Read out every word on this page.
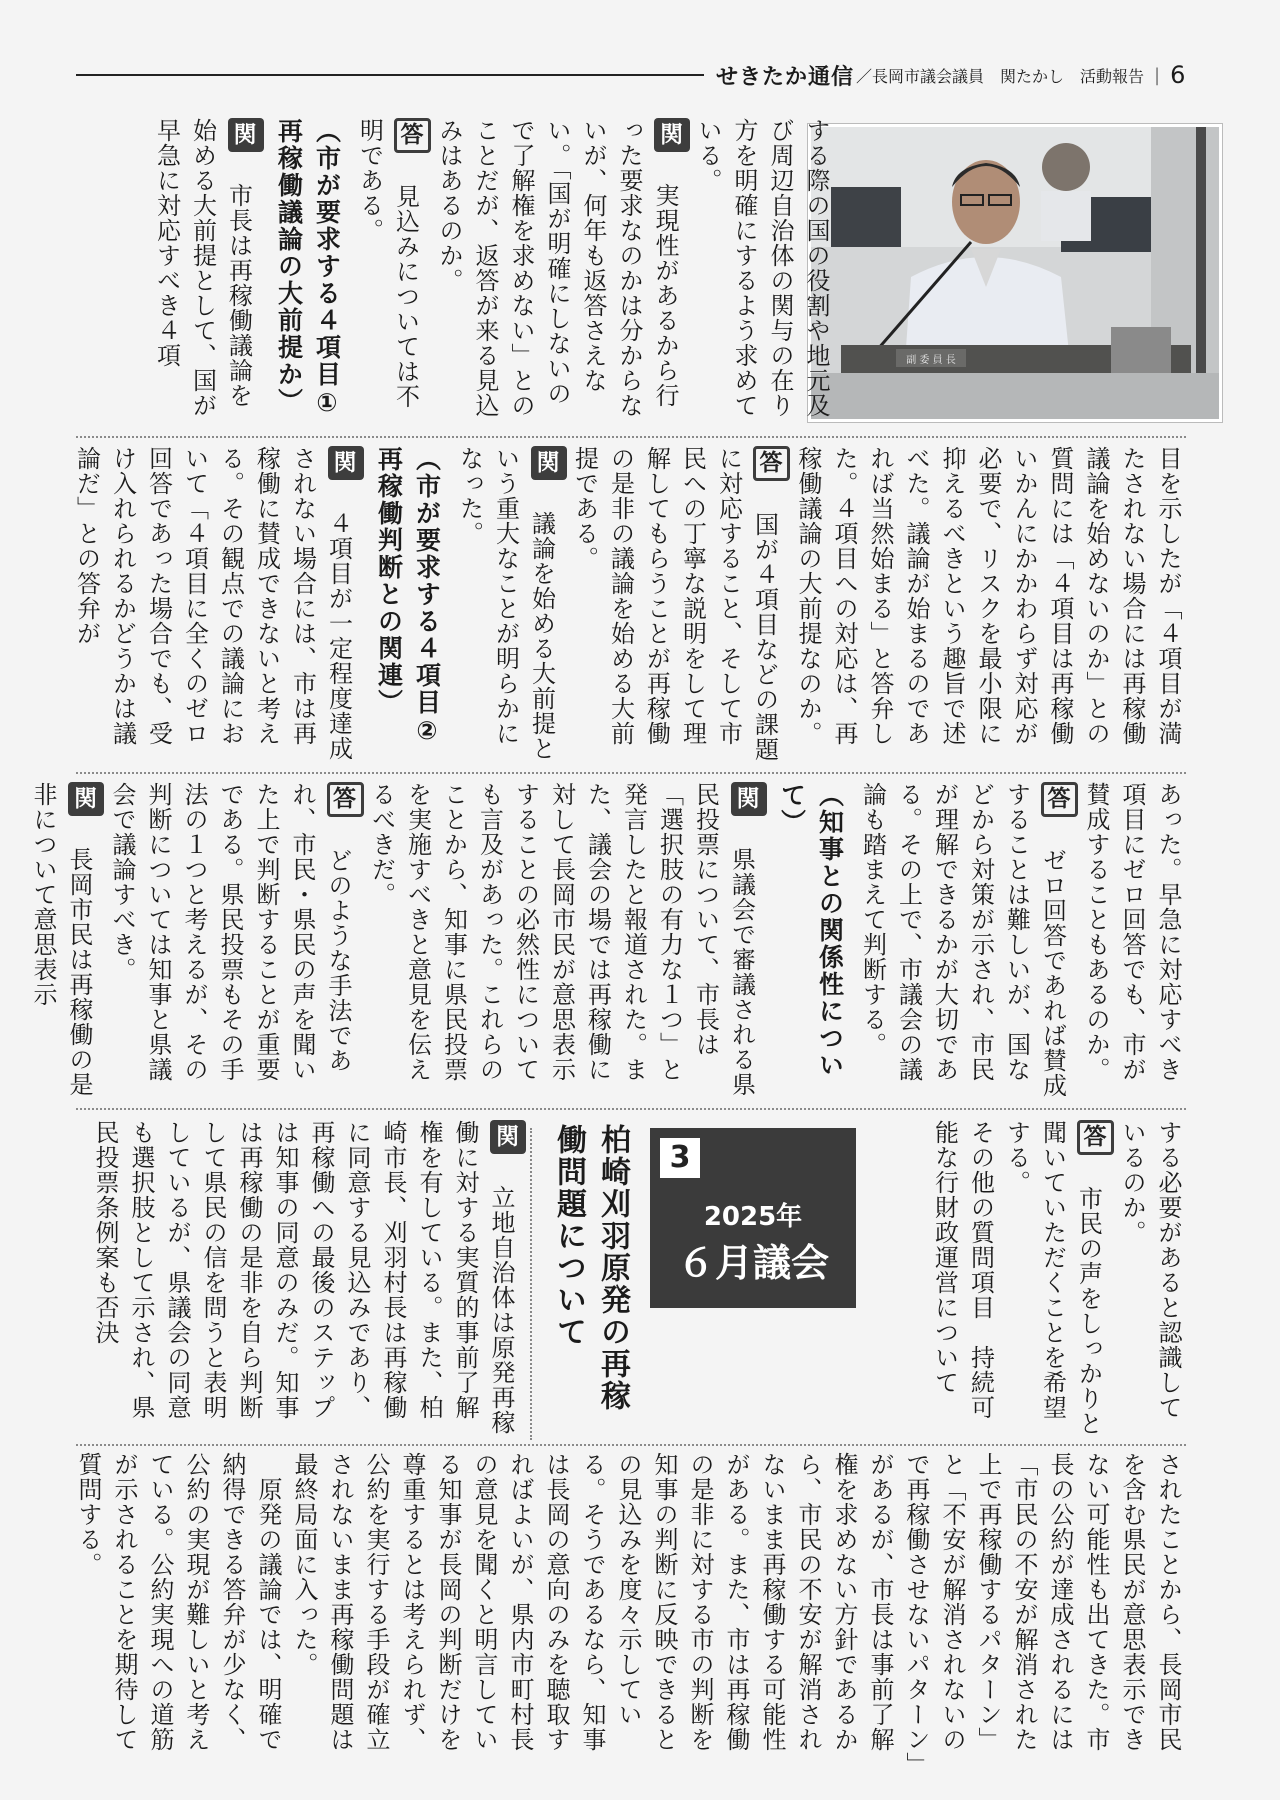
せきたか通信 ／長岡市議会議員　関たかし　活動報告 | 6
副 委 員 長

する際の国の役割や地元及び周辺自治体の関与の在り方を明確にするよう求めている。

関　実現性があるから行った要求なのかは分からないが、何年も返答さえない。「国が明確にしないので了解権を求めない」とのことだが、返答が来る見込みはあるのか。

答　見込みについては不明である。

（市が要求する４項目①再稼働議論の大前提か）

関　市長は再稼働議論を始める大前提として、国が早急に対応すべき４項

目を示したが「４項目が満たされない場合には再稼働議論を始めないのか」との質問には「４項目は再稼働いかんにかかわらず対応が必要で、リスクを最小限に抑えるべきという趣旨で述べた。議論が始まるのであれば当然始まる」と答弁した。４項目への対応は、再稼働議論の大前提なのか。

答　国が４項目などの課題に対応すること、そして市民への丁寧な説明をして理解してもらうことが再稼働の是非の議論を始める大前提である。

関　議論を始める大前提という重大なことが明らかになった。

（市が要求する４項目②再稼働判断との関連）

関　４項目が一定程度達成されない場合には、市は再稼働に賛成できないと考える。その観点での議論において「４項目に全くのゼロ回答であった場合でも、受け入れられるかどうかは議論だ」との答弁が

あった。早急に対応すべき項目にゼロ回答でも、市が賛成することもあるのか。

答　ゼロ回答であれば賛成することは難しいが、国などから対策が示され、市民が理解できるかが大切である。その上で、市議会の議論も踏まえて判断する。

（知事との関係性について）

関　県議会で審議される県民投票について、市長は「選択肢の有力な１つ」と発言したと報道された。また、議会の場では再稼働に対して長岡市民が意思表示することの必然性についても言及があった。これらのことから、知事に県民投票を実施すべきと意見を伝えるべきだ。

答　どのような手法であれ、市民・県民の声を聞いた上で判断することが重要である。県民投票もその手法の１つと考えるが、その判断については知事と県議会で議論すべき。

関　長岡市民は再稼働の是非について意思表示

する必要があると認識しているのか。

答　市民の声をしっかりと聞いていただくことを希望する。

その他の質問項目　持続可能な行財政運営について

関　立地自治体は原発再稼働に対する実質的事前了解権を有している。また、柏崎市長、刈羽村長は再稼働に同意する見込みであり、再稼働への最後のステップは知事の同意のみだ。知事は再稼働の是非を自ら判断して県民の信を問うと表明しているが、県議会の同意も選択肢として示され、県民投票条例案も否決	3
2025年
６月議会
柏崎刈羽原発の再稼働問題について

されたことから、長岡市民を含む県民が意思表示できない可能性も出てきた。市長の公約が達成されるには「市民の不安が解消された上で再稼働するパターン」と「不安が解消されないので再稼働させないパターン」があるが、市長は事前了解権を求めない方針であるから、市民の不安が解消されないまま再稼働する可能性がある。また、市は再稼働の是非に対する市の判断を知事の判断に反映できるとの見込みを度々示している。そうであるなら、知事は長岡の意向のみを聴取すればよいが、県内市町村長の意見を聞くと明言している知事が長岡の判断だけを尊重するとは考えられず、公約を実行する手段が確立されないまま再稼働問題は最終局面に入った。

　原発の議論では、明確で納得できる答弁が少なく、公約の実現が難しいと考えている。公約実現への道筋が示されることを期待して質問する。
